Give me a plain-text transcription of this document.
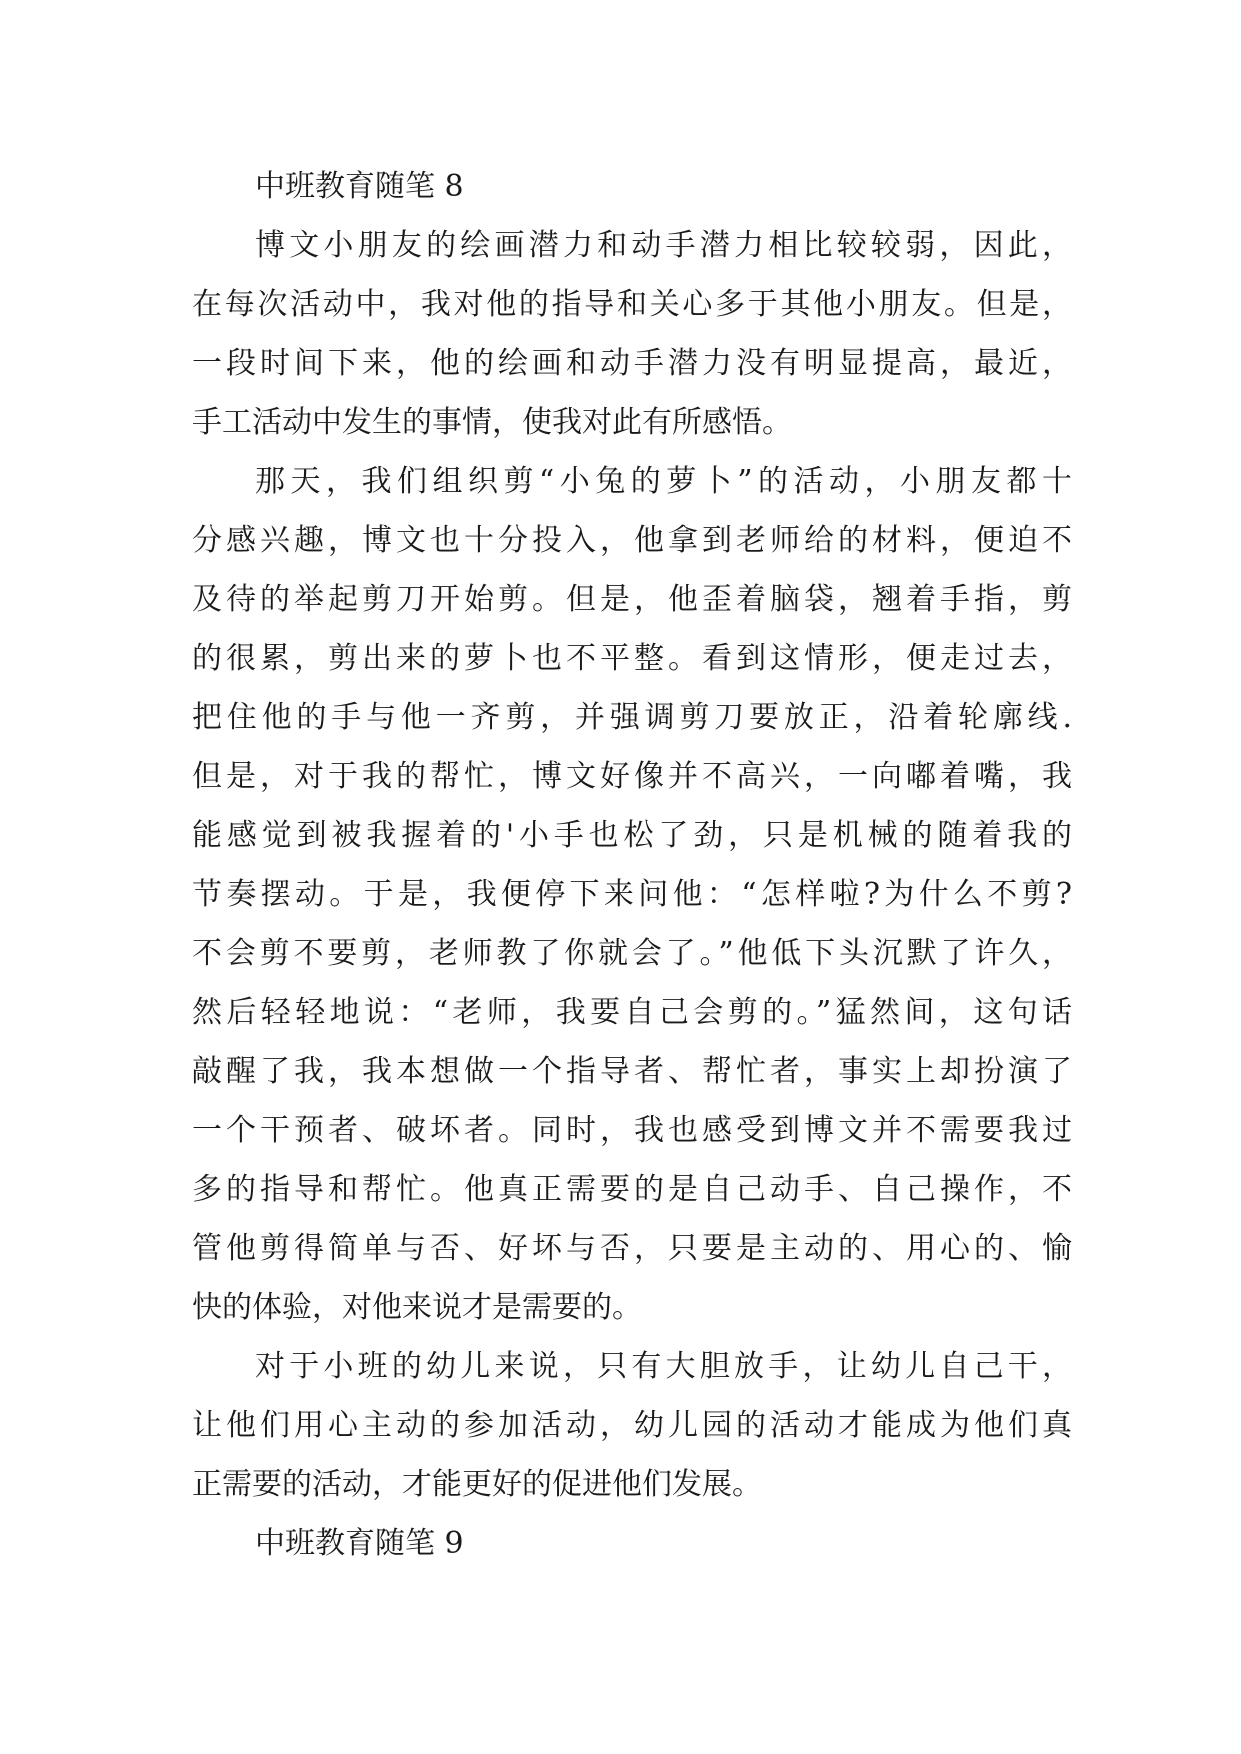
中班教育随笔 8
博文小朋友的绘画潜力和动手潜力相比较较弱，因此，
在每次活动中，我对他的指导和关心多于其他小朋友。但是，
一段时间下来，他的绘画和动手潜力没有明显提高，最近，
手工活动中发生的事情，使我对此有所感悟。
那天，我们组织剪“小兔的萝卜”的活动，小朋友都十
分感兴趣，博文也十分投入，他拿到老师给的材料，便迫不
及待的举起剪刀开始剪。但是，他歪着脑袋，翘着手指，剪
的很累，剪出来的萝卜也不平整。看到这情形，便走过去，
把住他的手与他一齐剪，并强调剪刀要放正，沿着轮廓线.
但是，对于我的帮忙，博文好像并不高兴，一向嘟着嘴，我
能感觉到被我握着的'小手也松了劲，只是机械的随着我的
节奏摆动。于是，我便停下来问他：“怎样啦?为什么不剪?
不会剪不要剪，老师教了你就会了。”他低下头沉默了许久，
然后轻轻地说：“老师，我要自己会剪的。”猛然间，这句话
敲醒了我，我本想做一个指导者、帮忙者，事实上却扮演了
一个干预者、破坏者。同时，我也感受到博文并不需要我过
多的指导和帮忙。他真正需要的是自己动手、自己操作，不
管他剪得简单与否、好坏与否，只要是主动的、用心的、愉
快的体验，对他来说才是需要的。
对于小班的幼儿来说，只有大胆放手，让幼儿自己干，
让他们用心主动的参加活动，幼儿园的活动才能成为他们真
正需要的活动，才能更好的促进他们发展。
中班教育随笔 9
